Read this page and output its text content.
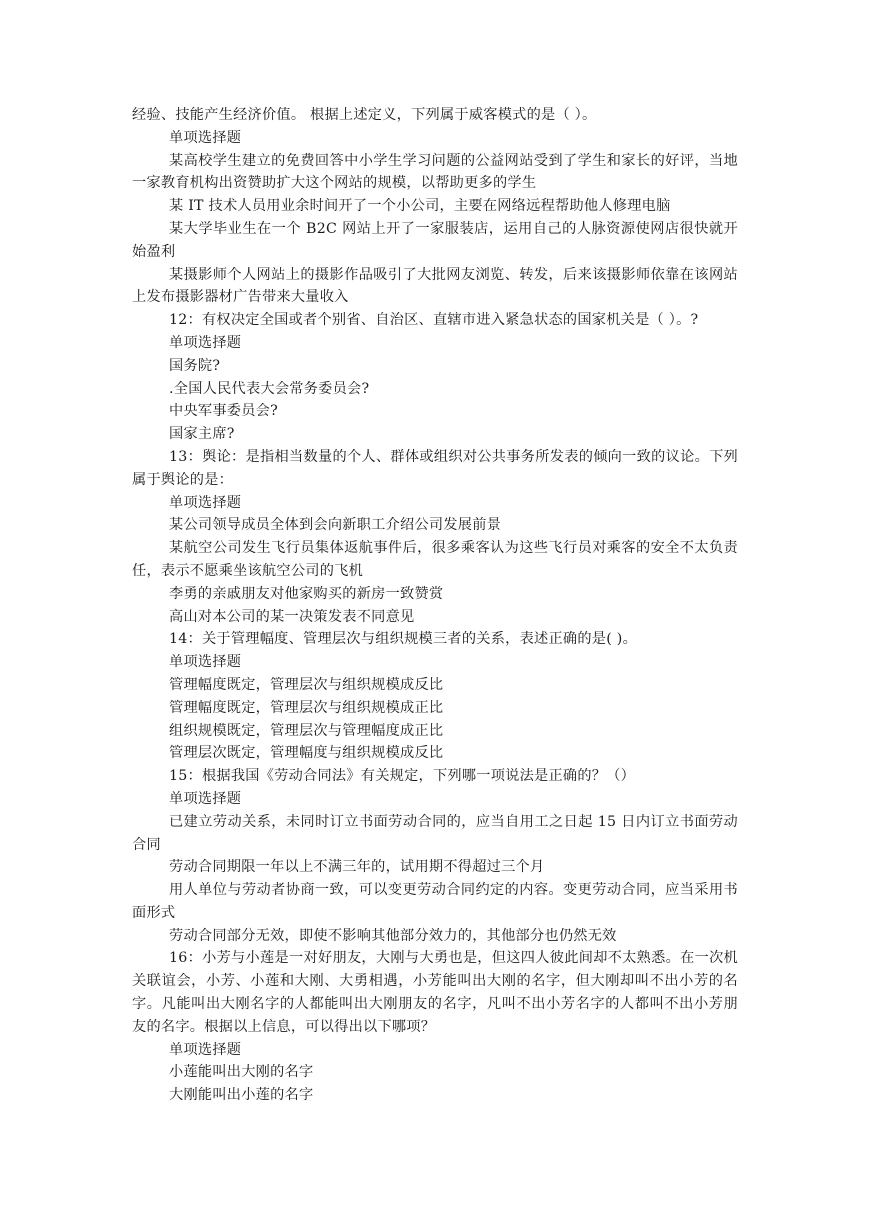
经验、技能产生经济价值。 根据上述定义，下列属于威客模式的是（ ）。
单项选择题
某高校学生建立的免费回答中小学生学习问题的公益网站受到了学生和家长的好评，当地一家教育机构出资赞助扩大这个网站的规模，以帮助更多的学生
某 IT 技术人员用业余时间开了一个小公司，主要在网络远程帮助他人修理电脑
某大学毕业生在一个 B2C 网站上开了一家服装店，运用自己的人脉资源使网店很快就开始盈利
某摄影师个人网站上的摄影作品吸引了大批网友浏览、转发，后来该摄影师依靠在该网站上发布摄影器材广告带来大量收入
12：有权决定全国或者个别省、自治区、直辖市进入紧急状态的国家机关是（ ）。?
单项选择题
国务院?
.全国人民代表大会常务委员会?
中央军事委员会?
国家主席?
13：舆论：是指相当数量的个人、群体或组织对公共事务所发表的倾向一致的议论。下列属于舆论的是：
单项选择题
某公司领导成员全体到会向新职工介绍公司发展前景
某航空公司发生飞行员集体返航事件后，很多乘客认为这些飞行员对乘客的安全不太负责任，表示不愿乘坐该航空公司的飞机
李勇的亲戚朋友对他家购买的新房一致赞赏
高山对本公司的某一决策发表不同意见
14：关于管理幅度、管理层次与组织规模三者的关系，表述正确的是( )。
单项选择题
管理幅度既定，管理层次与组织规模成反比
管理幅度既定，管理层次与组织规模成正比
组织规模既定，管理层次与管理幅度成正比
管理层次既定，管理幅度与组织规模成反比
15：根据我国《劳动合同法》有关规定，下列哪一项说法是正确的？（）
单项选择题
已建立劳动关系，未同时订立书面劳动合同的，应当自用工之日起 15 日内订立书面劳动合同
劳动合同期限一年以上不满三年的，试用期不得超过三个月
用人单位与劳动者协商一致，可以变更劳动合同约定的内容。变更劳动合同，应当采用书面形式
劳动合同部分无效，即使不影响其他部分效力的，其他部分也仍然无效
16：小芳与小莲是一对好朋友，大刚与大勇也是，但这四人彼此间却不太熟悉。在一次机关联谊会，小芳、小莲和大刚、大勇相遇，小芳能叫出大刚的名字，但大刚却叫不出小芳的名字。凡能叫出大刚名字的人都能叫出大刚朋友的名字，凡叫不出小芳名字的人都叫不出小芳朋友的名字。根据以上信息，可以得出以下哪项？
单项选择题
小莲能叫出大刚的名字
大刚能叫出小莲的名字
